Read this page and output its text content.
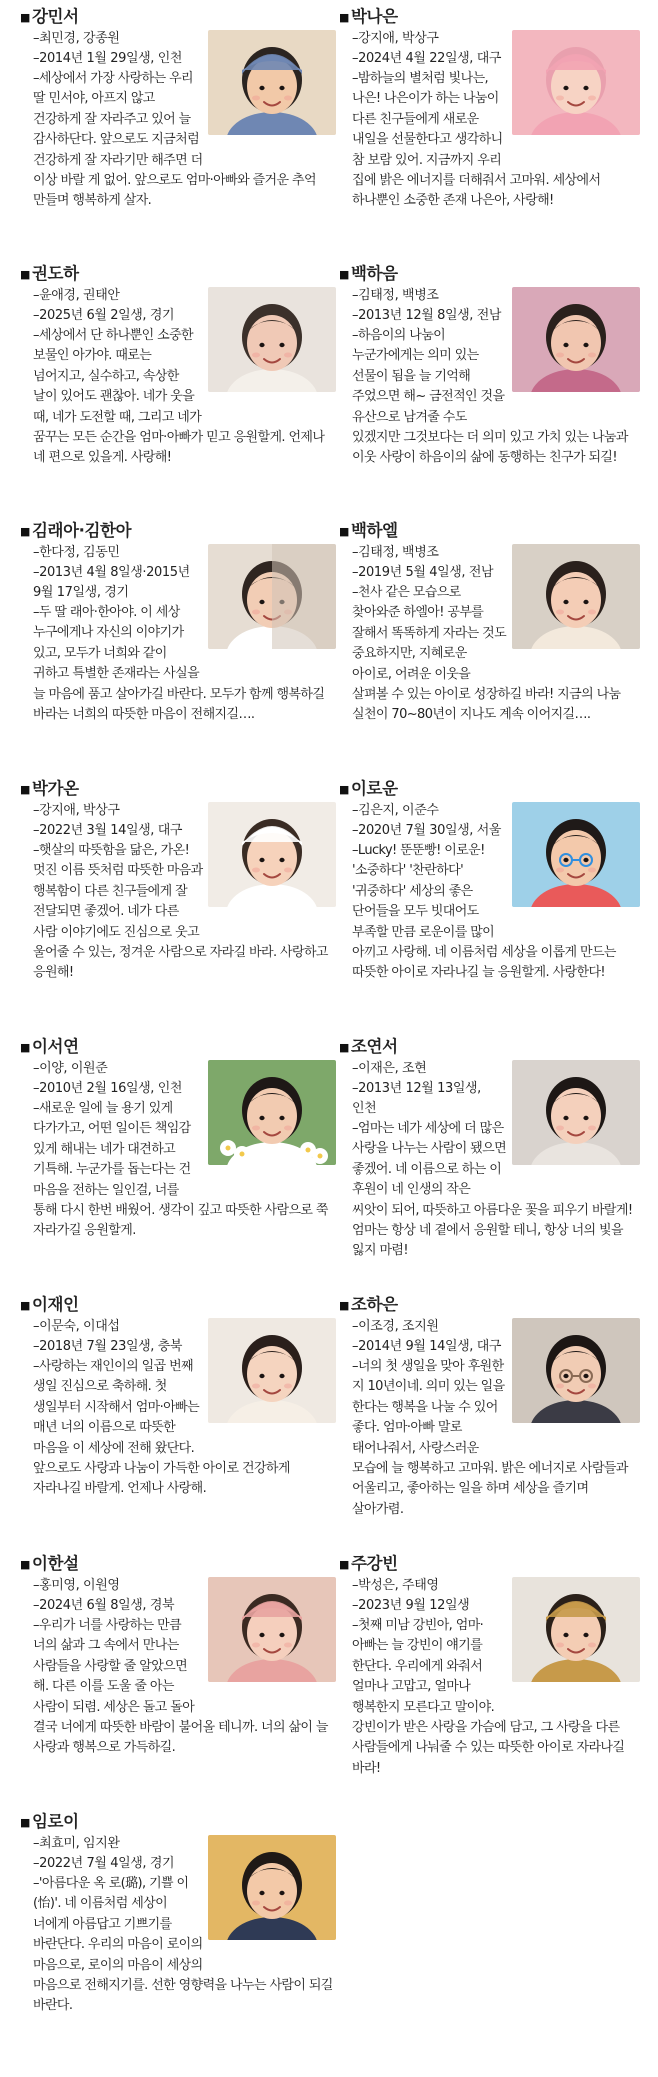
■ 강민서
–최민경, 강종원
–2014년 1월 29일생, 인천
–세상에서 가장 사랑하는 우리 딸 민서야, 아프지 않고 건강하게 잘 자라주고 있어 늘 감사하단다. 앞으로도 지금처럼 건강하게 잘 자라기만 해주면 더 이상 바랄 게 없어. 앞으로도 엄마·아빠와 즐거운 추억 만들며 행복하게 살자.
■ 박나은
–강지애, 박상구
–2024년 4월 22일생, 대구
–밤하늘의 별처럼 빛나는, 나은! 나은이가 하는 나눔이 다른 친구들에게 새로운 내일을 선물한다고 생각하니 참 보람 있어. 지금까지 우리 집에 밝은 에너지를 더해줘서 고마워. 세상에서 하나뿐인 소중한 존재 나은아, 사랑해!
■ 권도하
–윤애경, 권태안
–2025년 6월 2일생, 경기
–세상에서 단 하나뿐인 소중한 보물인 아가야. 때로는 넘어지고, 실수하고, 속상한 날이 있어도 괜찮아. 네가 웃을 때, 네가 도전할 때, 그리고 네가 꿈꾸는 모든 순간을 엄마·아빠가 믿고 응원할게. 언제나 네 편으로 있을게. 사랑해!
■ 백하음
–김태정, 백병조
–2013년 12월 8일생, 전남
–하음이의 나눔이 누군가에게는 의미 있는 선물이 됨을 늘 기억해 주었으면 해~ 금전적인 것을 유산으로 남겨줄 수도 있겠지만 그것보다는 더 의미 있고 가치 있는 나눔과 이웃 사랑이 하음이의 삶에 동행하는 친구가 되길!
■ 김래아·김한아
–한다정, 김동민
–2013년 4월 8일생·2015년 9월 17일생, 경기
–두 딸 래아·한아야. 이 세상 누구에게나 자신의 이야기가 있고, 모두가 너희와 같이 귀하고 특별한 존재라는 사실을 늘 마음에 품고 살아가길 바란다. 모두가 함께 행복하길 바라는 너희의 따뜻한 마음이 전해지길….
■ 백하엘
–김태정, 백병조
–2019년 5월 4일생, 전남
–천사 같은 모습으로 찾아와준 하엘아! 공부를 잘해서 똑똑하게 자라는 것도 중요하지만, 지혜로운 아이로, 어려운 이웃을 살펴볼 수 있는 아이로 성장하길 바라! 지금의 나눔 실천이 70~80년이 지나도 계속 이어지길….
■ 박가온
–강지애, 박상구
–2022년 3월 14일생, 대구
–햇살의 따뜻함을 닮은, 가온! 멋진 이름 뜻처럼 따뜻한 마음과 행복함이 다른 친구들에게 잘 전달되면 좋겠어. 네가 다른 사람 이야기에도 진심으로 웃고 울어줄 수 있는, 정겨운 사람으로 자라길 바라. 사랑하고 응원해!
■ 이로운
–김은지, 이준수
–2020년 7월 30일생, 서울
–Lucky! 뚠뚠빵! 이로운! '소중하다' '찬란하다' '귀중하다' 세상의 좋은 단어들을 모두 빗대어도 부족할 만큼 로운이를 많이 아끼고 사랑해. 네 이름처럼 세상을 이롭게 만드는 따뜻한 아이로 자라나길 늘 응원할게. 사랑한다!
■ 이서연
–이양, 이원준
–2010년 2월 16일생, 인천
–새로운 일에 늘 용기 있게 다가가고, 어떤 일이든 책임감 있게 해내는 네가 대견하고 기특해. 누군가를 돕는다는 건 마음을 전하는 일인걸, 너를 통해 다시 한번 배웠어. 생각이 깊고 따뜻한 사람으로 쭉 자라가길 응원할게.
■ 조연서
–이재은, 조현
–2013년 12월 13일생, 인천
–엄마는 네가 세상에 더 많은 사랑을 나누는 사람이 됐으면 좋겠어. 네 이름으로 하는 이 후원이 네 인생의 작은 씨앗이 되어, 따뜻하고 아름다운 꽃을 피우기 바랄게! 엄마는 항상 네 곁에서 응원할 테니, 항상 너의 빛을 잃지 마렴!
■ 이재인
–이문숙, 이대섭
–2018년 7월 23일생, 충북
–사랑하는 재인이의 일곱 번째 생일 진심으로 축하해. 첫 생일부터 시작해서 엄마·아빠는 매년 너의 이름으로 따뜻한 마음을 이 세상에 전해 왔단다. 앞으로도 사랑과 나눔이 가득한 아이로 건강하게 자라나길 바랄게. 언제나 사랑해.
■ 조하은
–이조경, 조지원
–2014년 9월 14일생, 대구
–너의 첫 생일을 맞아 후원한 지 10년이네. 의미 있는 일을 한다는 행복을 나눌 수 있어 좋다. 엄마·아빠 말로 태어나줘서, 사랑스러운 모습에 늘 행복하고 고마워. 밝은 에너지로 사람들과 어울리고, 좋아하는 일을 하며 세상을 즐기며 살아가렴.
■ 이한설
–홍미영, 이원영
–2024년 6월 8일생, 경북
–우리가 너를 사랑하는 만큼 너의 삶과 그 속에서 만나는 사람들을 사랑할 줄 알았으면 해. 다른 이를 도울 줄 아는 사람이 되렴. 세상은 돌고 돌아 결국 너에게 따뜻한 바람이 불어올 테니까. 너의 삶이 늘 사랑과 행복으로 가득하길.
■ 주강빈
–박성은, 주태영
–2023년 9월 12일생
–첫째 미남 강빈아, 엄마·아빠는 늘 강빈이 얘기를 한단다. 우리에게 와줘서 얼마나 고맙고, 얼마나 행복한지 모른다고 말이야. 강빈이가 받은 사랑을 가슴에 담고, 그 사랑을 다른 사람들에게 나눠줄 수 있는 따뜻한 아이로 자라나길 바라!
■ 임로이
–최효미, 임지완
–2022년 7월 4일생, 경기
–'아름다운 옥 로(璐), 기쁠 이(怡)'. 네 이름처럼 세상이 너에게 아름답고 기쁘기를 바란단다. 우리의 마음이 로이의 마음으로, 로이의 마음이 세상의 마음으로 전해지기를. 선한 영향력을 나누는 사람이 되길 바란다.
